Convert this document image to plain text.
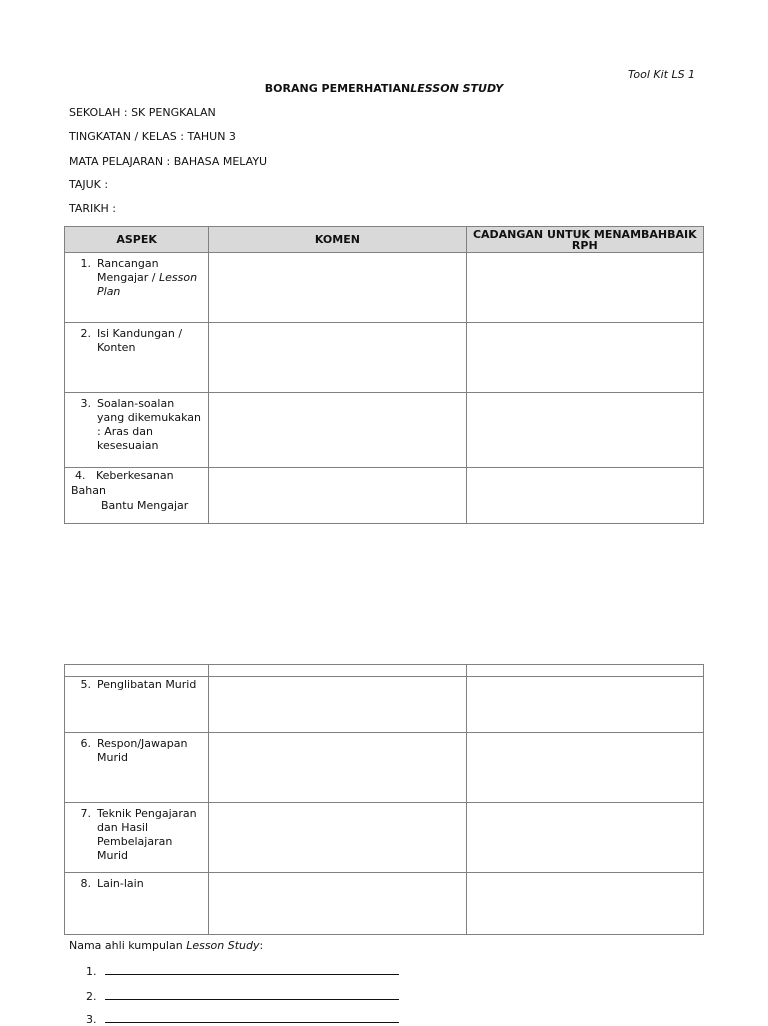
Tool Kit LS 1
BORANG PEMERHATIANLESSON STUDY
SEKOLAH : SK PENGKALAN
TINGKATAN / KELAS : TAHUN 3
MATA PELAJARAN : BAHASA MELAYU
TAJUK :
TARIKH :
ASPEK	KOMEN	CADANGAN UNTUK MENAMBAHBAIK RPH

1. Rancangan Mengajar / Lesson Plan		

2. Isi Kandungan / Konten		

3. Soalan-soalan yang dikemukakan : Aras dan kesesuaian		

4. Keberkesanan
Bahan
Bantu Mengajar		

5. Penglibatan Murid		

6. Respon/Jawapan Murid		

7. Teknik Pengajaran dan Hasil Pembelajaran Murid		

8. Lain-lain		

Nama ahli kumpulan Lesson Study:
1.
2.
3.
